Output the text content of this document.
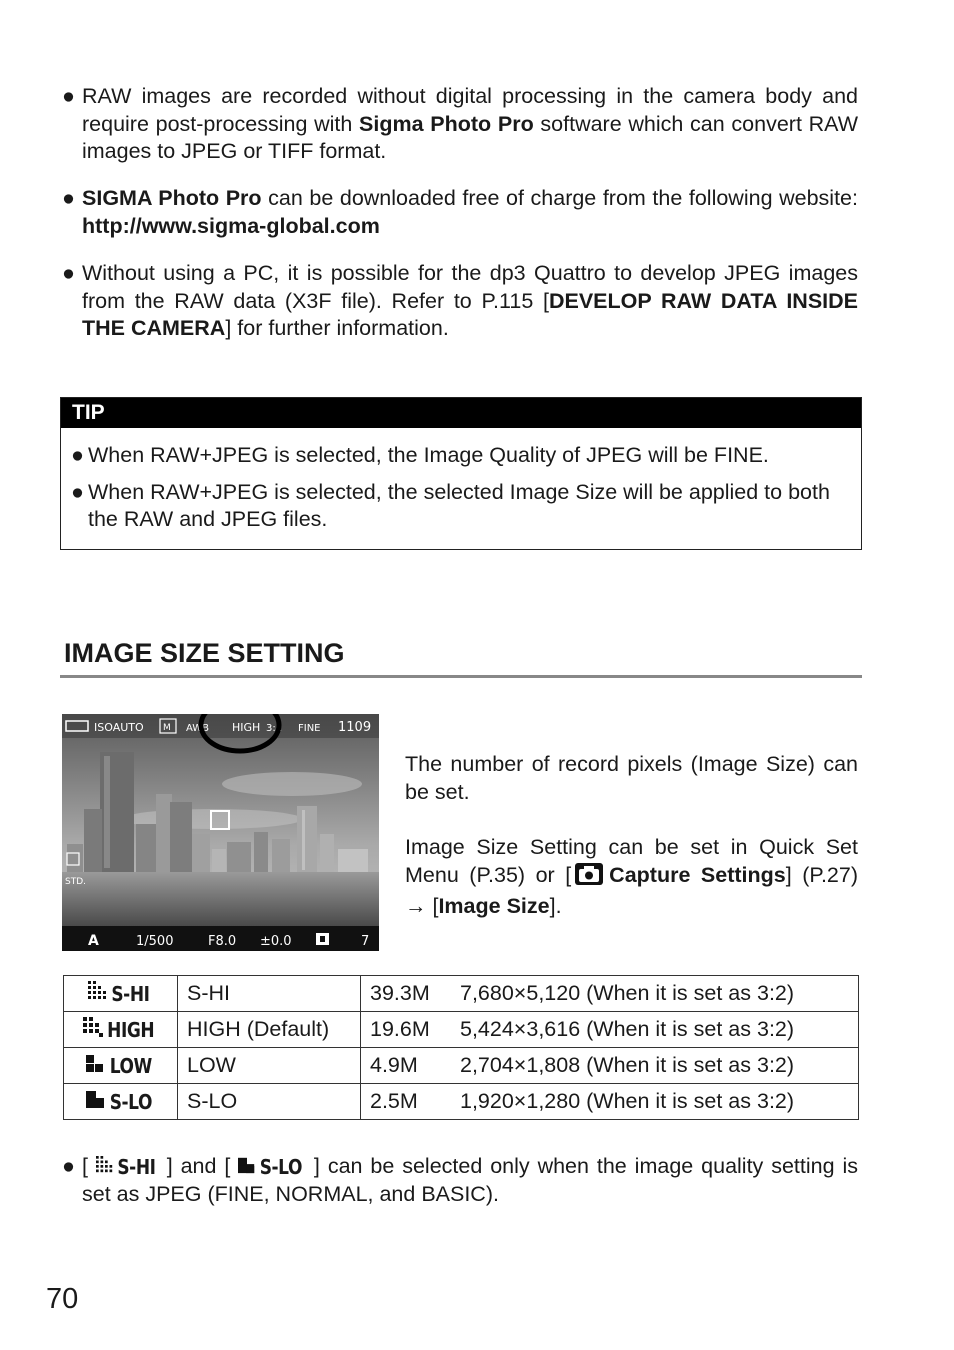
● RAW images are recorded without digital processing in the camera body and require post-processing with Sigma Photo Pro software which can convert RAW images to JPEG or TIFF format.
● SIGMA Photo Pro can be downloaded free of charge from the following website: http://www.sigma-global.com
● Without using a PC, it is possible for the dp3 Quattro to develop JPEG images from the RAW data (X3F file). Refer to P.115 [DEVELOP RAW DATA INSIDE THE CAMERA] for further information.
TIP
● When RAW+JPEG is selected, the Image Quality of JPEG will be FINE.
● When RAW+JPEG is selected, the selected Image Size will be applied to both the RAW and JPEG files.
IMAGE SIZE SETTING
ISOAUTO M AWB HIGH 3:2 FINE 1109
STD.
A	1/500	F8.0 ±0.0	7
The number of record pixels (Image Size) can be set.
Image Size Setting can be set in Quick Set Menu (P.35) or [ Capture Settings] (P.27) → [Image Size].
S-HI	S-HI	39.3M 7,680×5,120 (When it is set as 3:2)
HIGH	HIGH (Default)	19.6M 5,424×3,616 (When it is set as 3:2)
LOW	LOW	4.9M 2,704×1,808 (When it is set as 3:2)
S-LO	S-LO	2.5M 1,920×1,280 (When it is set as 3:2)
● [ S-HI ] and [ S-LO ] can be selected only when the image quality setting is set as JPEG (FINE, NORMAL, and BASIC).
70
